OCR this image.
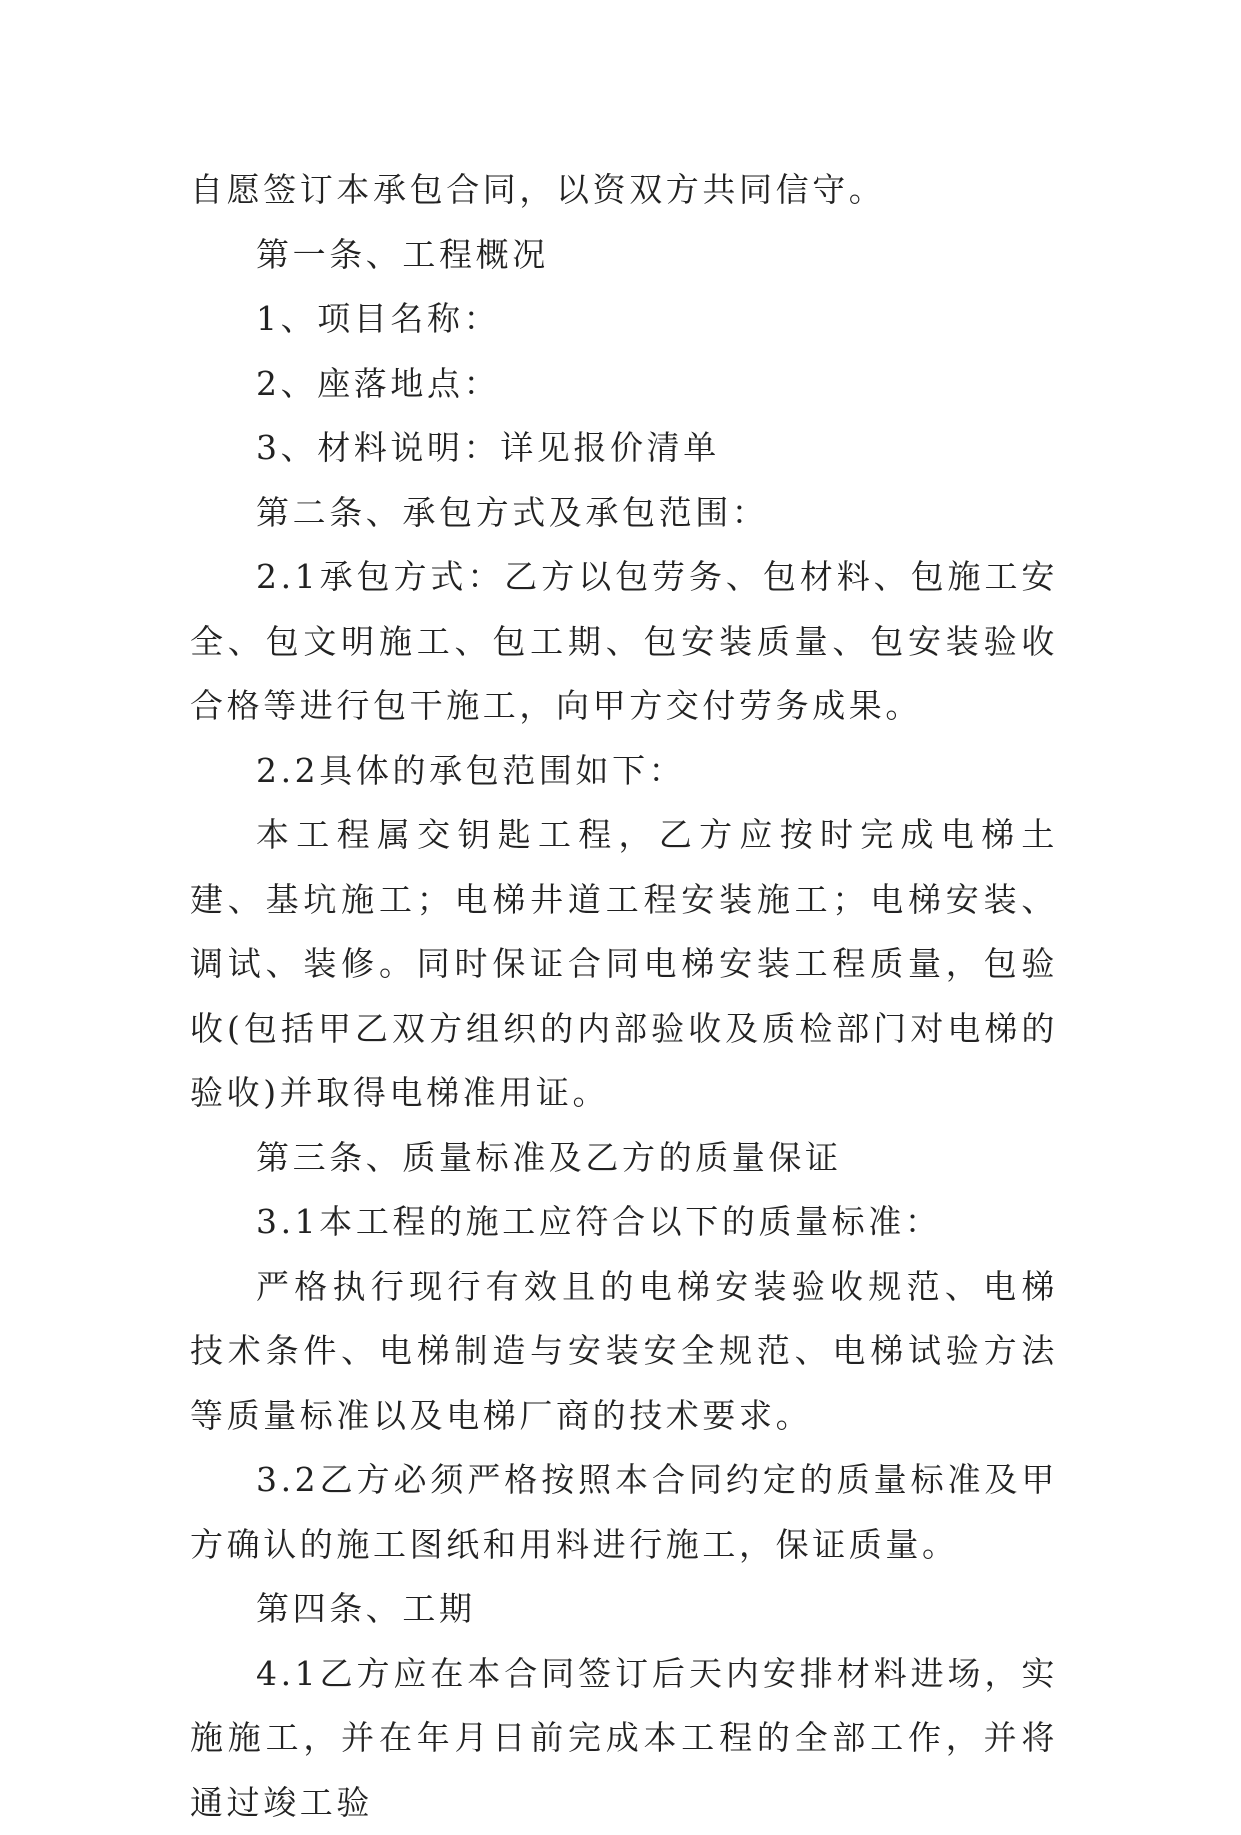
自愿签订本承包合同，以资双方共同信守。

第一条、工程概况

1、项目名称：

2、座落地点：

3、材料说明：详见报价清单

第二条、承包方式及承包范围：

2.1承包方式：乙方以包劳务、包材料、包施工安全、包文明施工、包工期、包安装质量、包安装验收合格等进行包干施工，向甲方交付劳务成果。

2.2具体的承包范围如下：

本工程属交钥匙工程，乙方应按时完成电梯土建、基坑施工；电梯井道工程安装施工；电梯安装、调试、装修。同时保证合同电梯安装工程质量，包验收(包括甲乙双方组织的内部验收及质检部门对电梯的验收)并取得电梯准用证。

第三条、质量标准及乙方的质量保证

3.1本工程的施工应符合以下的质量标准：

严格执行现行有效且的电梯安装验收规范、电梯技术条件、电梯制造与安装安全规范、电梯试验方法等质量标准以及电梯厂商的技术要求。

3.2乙方必须严格按照本合同约定的质量标准及甲方确认的施工图纸和用料进行施工，保证质量。

第四条、工期

4.1乙方应在本合同签订后天内安排材料进场，实施施工，并在年月日前完成本工程的全部工作，并将通过竣工验
